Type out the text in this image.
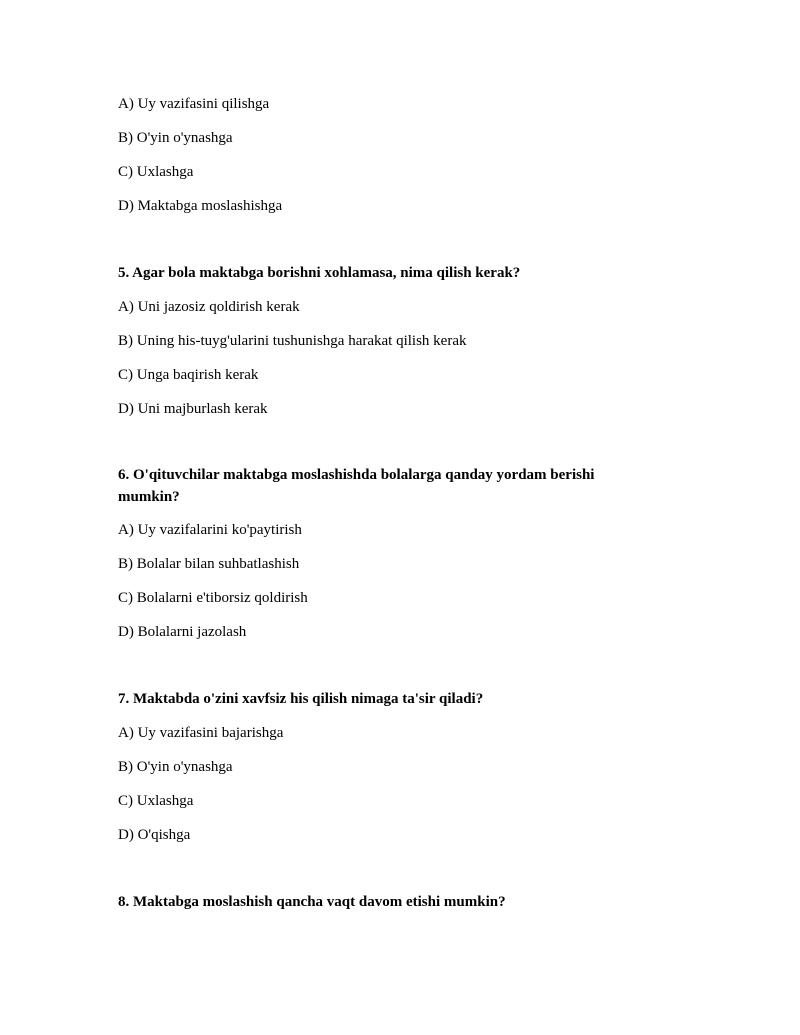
A) Uy vazifasini qilishga
B) O'yin o'ynashga
C) Uxlashga
D) Maktabga moslashishga
5. Agar bola maktabga borishni xohlamasa, nima qilish kerak?
A) Uni jazosiz qoldirish kerak
B) Uning his-tuyg'ularini tushunishga harakat qilish kerak
C) Unga baqirish kerak
D) Uni majburlash kerak
6. O'qituvchilar maktabga moslashishda bolalarga qanday yordam berishi mumkin?
A) Uy vazifalarini ko'paytirish
B) Bolalar bilan suhbatlashish
C) Bolalarni e'tiborsiz qoldirish
D) Bolalarni jazolash
7. Maktabda o'zini xavfsiz his qilish nimaga ta'sir qiladi?
A) Uy vazifasini bajarishga
B) O'yin o'ynashga
C) Uxlashga
D) O'qishga
8. Maktabga moslashish qancha vaqt davom etishi mumkin?
